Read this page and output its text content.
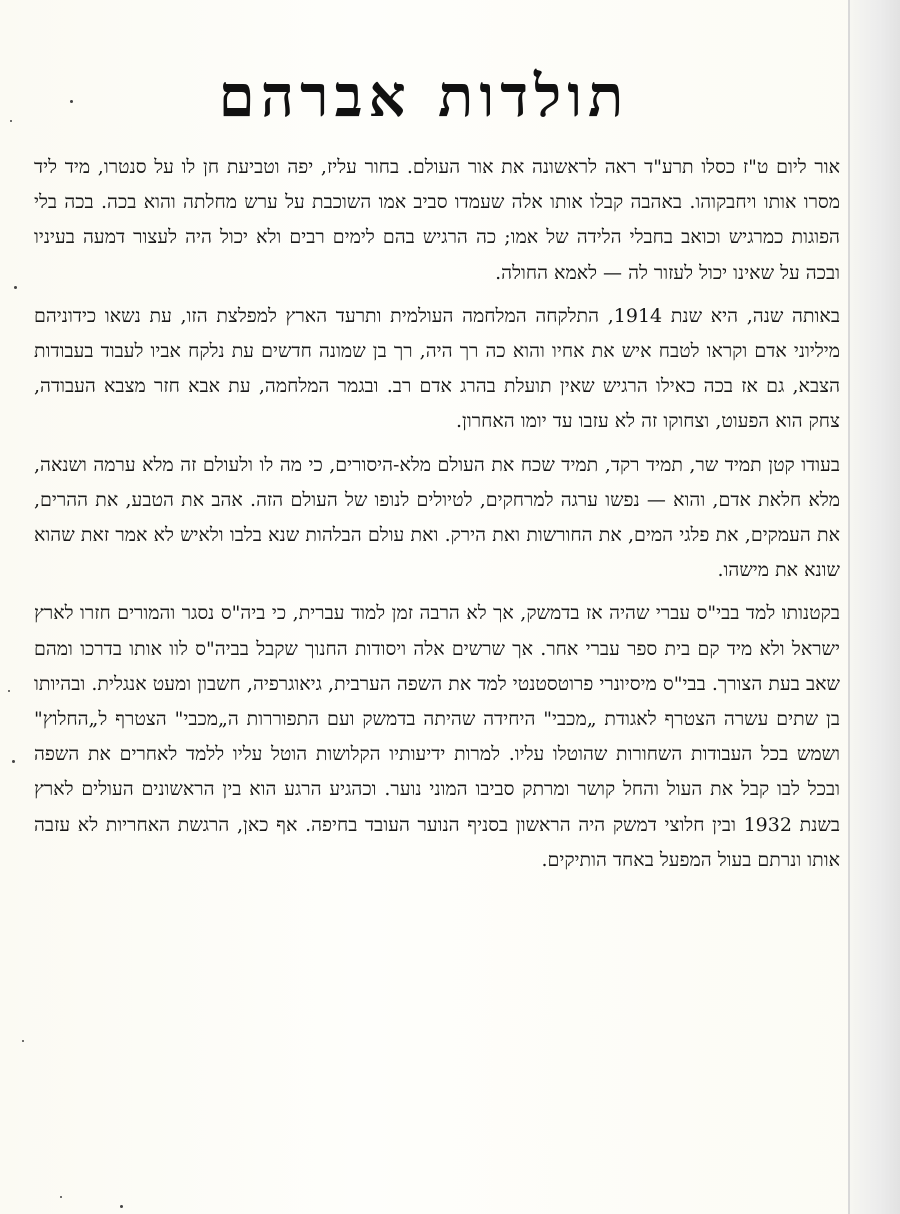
תולדות אברהם

אור ליום ט"ז כסלו תרע"ד ראה לראשונה את אור העולם. בחור עליז, יפה וטביעת חן לו על סנטרו, מיד ליד מסרו אותו ויחבקוהו. באהבה קבלו אותו אלה שעמדו סביב אמו השוכבת על ערש מחלתה והוא בכה. בכה בלי הפוגות כמרגיש וכואב בחבלי הלידה של אמו; כה הרגיש בהם לימים רבים ולא יכול היה לעצור דמעה בעיניו ובכה על שאינו יכול לעזור לה — לאמא החולה.

באותה שנה, היא שנת 1914, התלקחה המלחמה העולמית ותרעד הארץ למפלצת הזו, עת נשאו כידוניהם מיליוני אדם וקראו לטבח איש את אחיו והוא כה רך היה, רך בן שמונה חדשים עת נלקח אביו לעבוד בעבודות הצבא, גם אז בכה כאילו הרגיש שאין תועלת בהרג אדם רב. ובגמר המלחמה, עת אבא חזר מצבא העבודה, צחק הוא הפעוט, וצחוקו זה לא עזבו עד יומו האחרון.

בעודו קטן תמיד שר, תמיד רקד, תמיד שכח את העולם מלא-היסורים, כי מה לו ולעולם זה מלא ערמה ושנאה, מלא חלאת אדם, והוא — נפשו ערגה למרחקים, לטיולים לנופו של העולם הזה. אהב את הטבע, את ההרים, את העמקים, את פלגי המים, את החורשות ואת הירק. ואת עולם הבלהות שנא בלבו ולאיש לא אמר זאת שהוא שונא את מישהו.

בקטנותו למד בבי"ס עברי שהיה אז בדמשק, אך לא הרבה זמן למוד עברית, כי ביה"ס נסגר והמורים חזרו לארץ ישראל ולא מיד קם בית ספר עברי אחר. אך שרשים אלה ויסודות החנוך שקבל בביה"ס לוו אותו בדרכו ומהם שאב בעת הצורך. בבי"ס מיסיונרי פרוטסטנטי למד את השפה הערבית, גיאוגרפיה, חשבון ומעט אנגלית. ובהיותו בן שתים עשרה הצטרף לאגודת „מכבי" היחידה שהיתה בדמשק ועם התפוררות ה„מכבי" הצטרף ל„החלוץ" ושמש בכל העבודות השחורות שהוטלו עליו. למרות ידיעותיו הקלושות הוטל עליו ללמד לאחרים את השפה ובכל לבו קבל את העול והחל קושר ומרתק סביבו המוני נוער. וכהגיע הרגע הוא בין הראשונים העולים לארץ בשנת 1932 ובין חלוצי דמשק היה הראשון בסניף הנוער העובד בחיפה. אף כאן, הרגשת האחריות לא עזבה אותו ונרתם בעול המפעל באחד הותיקים.
